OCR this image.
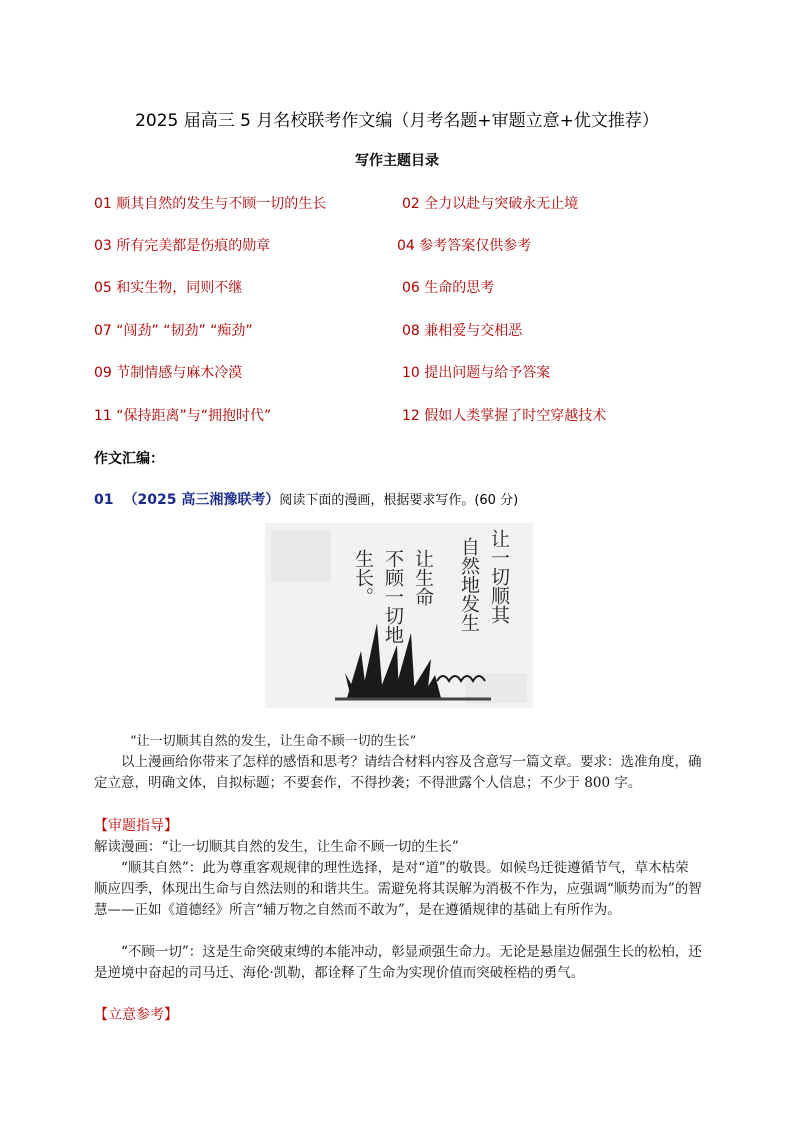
2025 届高三 5 月名校联考作文编（月考名题+审题立意+优文推荐）
写作主题目录
01 顺其自然的发生与不顾一切的生长	02 全力以赴与突破永无止境
03 所有完美都是伤痕的勋章	04 参考答案仅供参考
05 和实生物，同则不继	06 生命的思考
07 “闯劲” “韧劲” “痴劲”	08 兼相爱与交相恶
09 节制情感与麻木冷漠	10 提出问题与给予答案
11 “保持距离”与“拥抱时代”	12 假如人类掌握了时空穿越技术
作文汇编：
01 （2025 高三湘豫联考）阅读下面的漫画，根据要求写作。(60 分)
让一切顺其
自然地发生
让生命
不顾一切地
生长。
“让一切顺其自然的发生，让生命不顾一切的生长”
以上漫画给你带来了怎样的感悟和思考？请结合材料内容及含意写一篇文章。要求：选准角度，确定立意，明确文体，自拟标题；不要套作，不得抄袭；不得泄露个人信息；不少于 800 字。
【审题指导】
解读漫画：“让一切顺其自然的发生，让生命不顾一切的生长”
“顺其自然”：此为尊重客观规律的理性选择，是对“道”的敬畏。如候鸟迁徙遵循节气，草木枯荣顺应四季，体现出生命与自然法则的和谐共生。需避免将其误解为消极不作为，应强调“顺势而为”的智慧——正如《道德经》所言“辅万物之自然而不敢为”，是在遵循规律的基础上有所作为。
“不顾一切”：这是生命突破束缚的本能冲动，彰显顽强生命力。无论是悬崖边倔强生长的松柏，还是逆境中奋起的司马迁、海伦·凯勒，都诠释了生命为实现价值而突破桎梏的勇气。
【立意参考】
